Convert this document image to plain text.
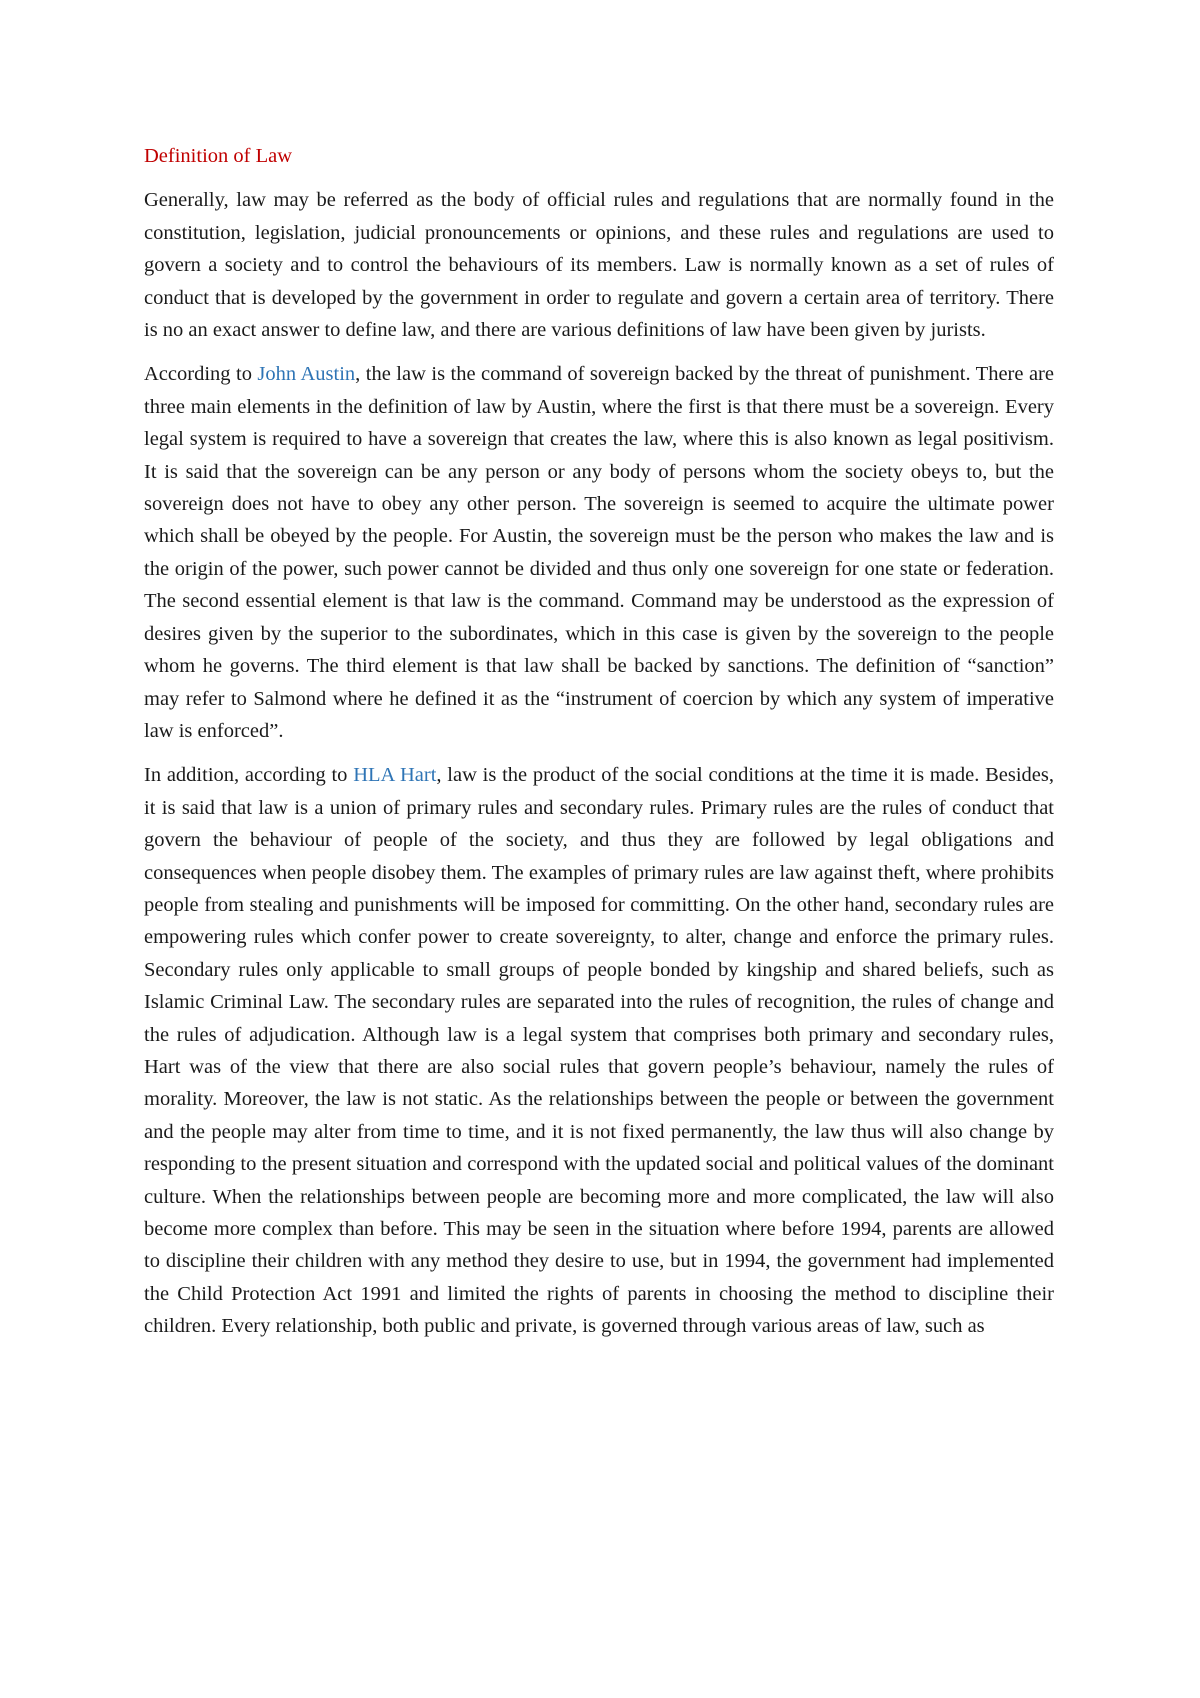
Definition of Law

Generally, law may be referred as the body of official rules and regulations that are normally found in the constitution, legislation, judicial pronouncements or opinions, and these rules and regulations are used to govern a society and to control the behaviours of its members. Law is normally known as a set of rules of conduct that is developed by the government in order to regulate and govern a certain area of territory. There is no an exact answer to define law, and there are various definitions of law have been given by jurists.

According to John Austin, the law is the command of sovereign backed by the threat of punishment. There are three main elements in the definition of law by Austin, where the first is that there must be a sovereign. Every legal system is required to have a sovereign that creates the law, where this is also known as legal positivism. It is said that the sovereign can be any person or any body of persons whom the society obeys to, but the sovereign does not have to obey any other person. The sovereign is seemed to acquire the ultimate power which shall be obeyed by the people. For Austin, the sovereign must be the person who makes the law and is the origin of the power, such power cannot be divided and thus only one sovereign for one state or federation. The second essential element is that law is the command. Command may be understood as the expression of desires given by the superior to the subordinates, which in this case is given by the sovereign to the people whom he governs. The third element is that law shall be backed by sanctions. The definition of “sanction” may refer to Salmond where he defined it as the “instrument of coercion by which any system of imperative law is enforced”.

In addition, according to HLA Hart, law is the product of the social conditions at the time it is made. Besides, it is said that law is a union of primary rules and secondary rules. Primary rules are the rules of conduct that govern the behaviour of people of the society, and thus they are followed by legal obligations and consequences when people disobey them. The examples of primary rules are law against theft, where prohibits people from stealing and punishments will be imposed for committing. On the other hand, secondary rules are empowering rules which confer power to create sovereignty, to alter, change and enforce the primary rules. Secondary rules only applicable to small groups of people bonded by kingship and shared beliefs, such as Islamic Criminal Law. The secondary rules are separated into the rules of recognition, the rules of change and the rules of adjudication. Although law is a legal system that comprises both primary and secondary rules, Hart was of the view that there are also social rules that govern people’s behaviour, namely the rules of morality. Moreover, the law is not static. As the relationships between the people or between the government and the people may alter from time to time, and it is not fixed permanently, the law thus will also change by responding to the present situation and correspond with the updated social and political values of the dominant culture. When the relationships between people are becoming more and more complicated, the law will also become more complex than before. This may be seen in the situation where before 1994, parents are allowed to discipline their children with any method they desire to use, but in 1994, the government had implemented the Child Protection Act 1991 and limited the rights of parents in choosing the method to discipline their children. Every relationship, both public and private, is governed through various areas of law, such as
